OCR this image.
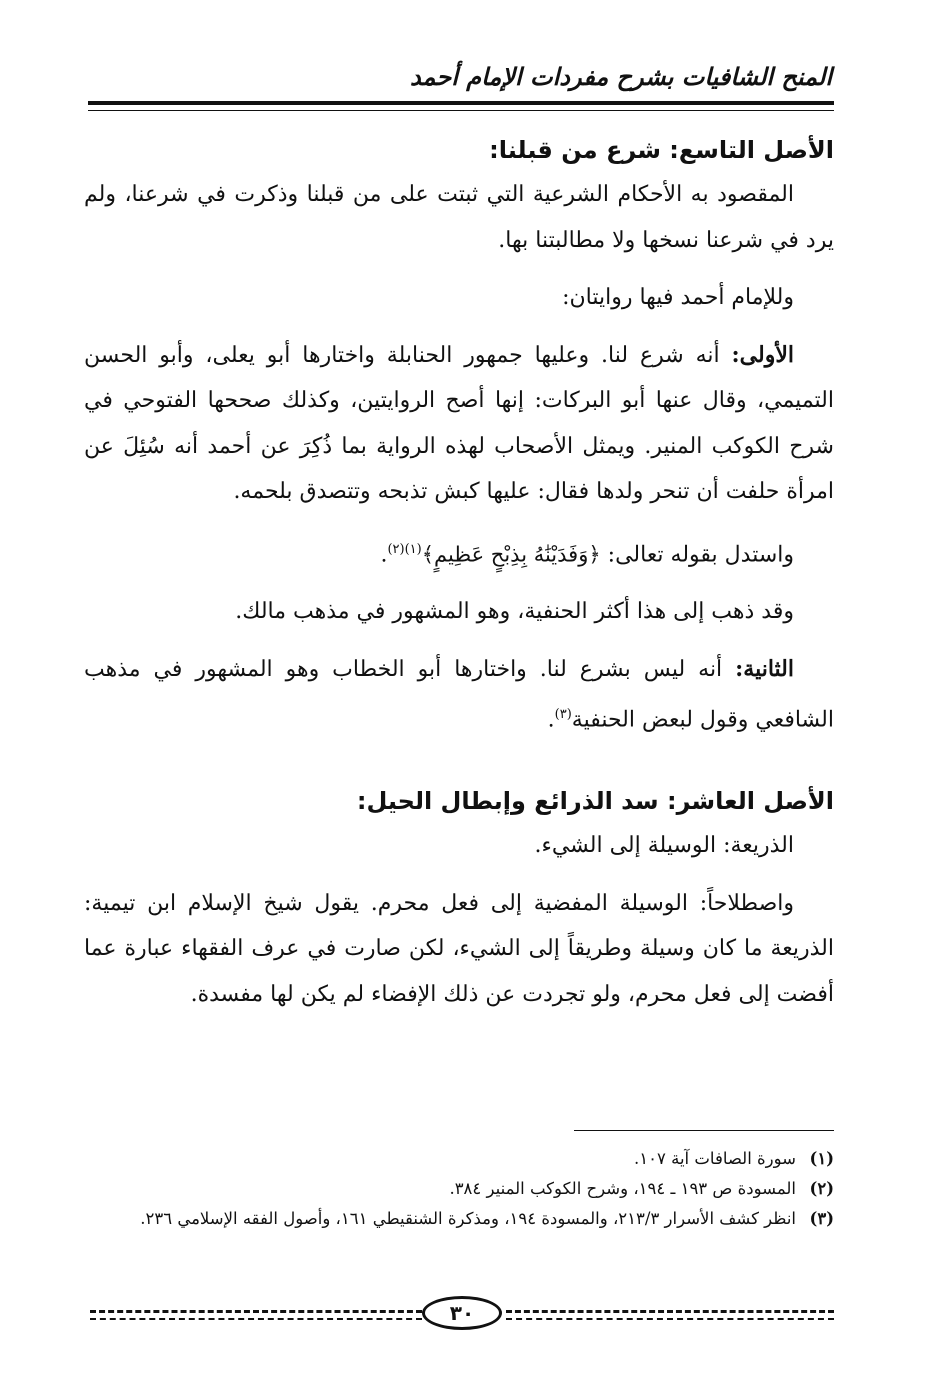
المنح الشافيات بشرح مفردات الإمام أحمد
الأصل التاسع: شرع من قبلنا:

المقصود به الأحكام الشرعية التي ثبتت على من قبلنا وذكرت في شرعنا، ولم يرد في شرعنا نسخها ولا مطالبتنا بها.

وللإمام أحمد فيها روايتان:

الأولى: أنه شرع لنا. وعليها جمهور الحنابلة واختارها أبو يعلى، وأبو الحسن التميمي، وقال عنها أبو البركات: إنها أصح الروايتين، وكذلك صححها الفتوحي في شرح الكوكب المنير. ويمثل الأصحاب لهذه الرواية بما ذُكِرَ عن أحمد أنه سُئِلَ عن امرأة حلفت أن تنحر ولدها فقال: عليها كبش تذبحه وتتصدق بلحمه.

واستدل بقوله تعالى: ﴿وَفَدَيْنَٰهُ بِذِبْحٍ عَظِيمٍ﴾$^{(١)(٢)}$.

وقد ذهب إلى هذا أكثر الحنفية، وهو المشهور في مذهب مالك.

الثانية: أنه ليس بشرع لنا. واختارها أبو الخطاب وهو المشهور في مذهب الشافعي وقول لبعض الحنفية$^{(٣)}$.

الأصل العاشر: سد الذرائع وإبطال الحيل:

الذريعة: الوسيلة إلى الشيء.

واصطلاحاً: الوسيلة المفضية إلى فعل محرم. يقول شيخ الإسلام ابن تيمية: الذريعة ما كان وسيلة وطريقاً إلى الشيء، لكن صارت في عرف الفقهاء عبارة عما أفضت إلى فعل محرم، ولو تجردت عن ذلك الإفضاء لم يكن لها مفسدة.

(١)
سورة الصافات آية ١٠٧.
(٢)
المسودة ص ١٩٣ ـ ١٩٤، وشرح الكوكب المنير ٣٨٤.
(٣)
انظر كشف الأسرار ٢١٣/٣، والمسودة ١٩٤، ومذكرة الشنقيطي ١٦١، وأصول الفقه الإسلامي ٢٣٦.
٣٠
